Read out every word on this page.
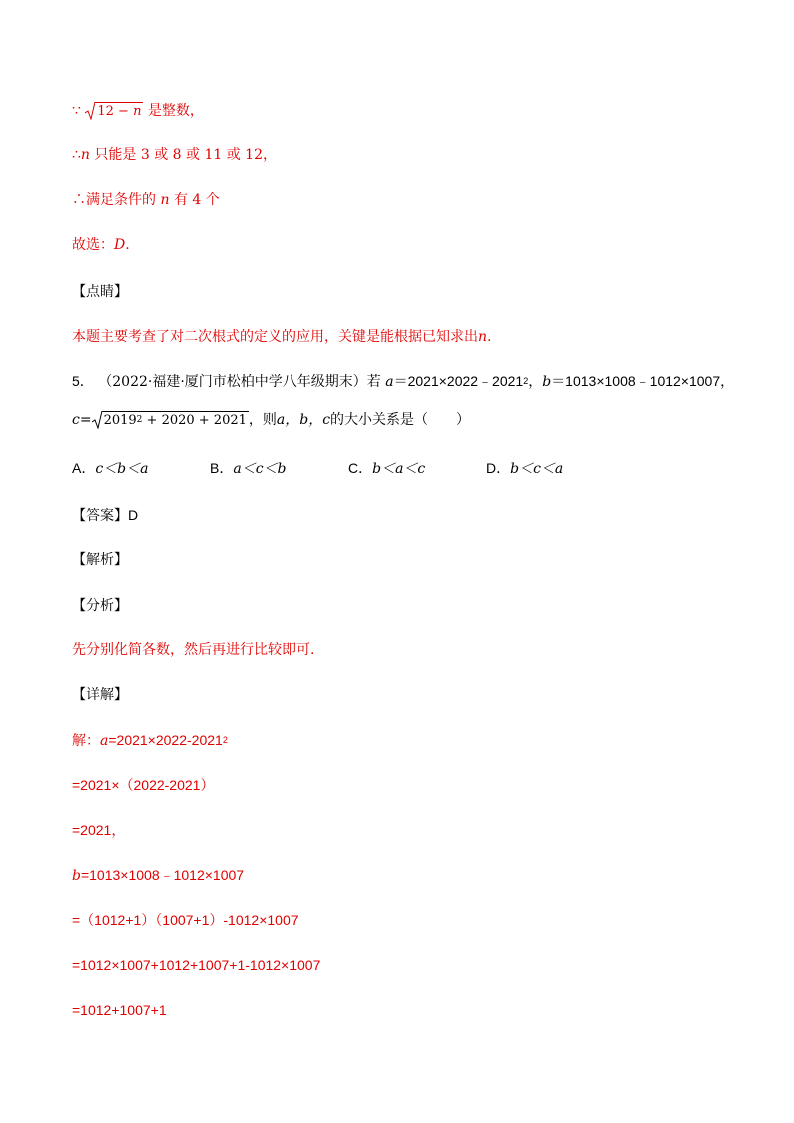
∵ 12 − n 是整数，
∴n 只能是 3 或 8 或 11 或 12，
∴满足条件的 n 有 4 个
故选：D.
【点睛】
本题主要考查了对二次根式的定义的应用，关键是能根据已知求出n.
5． （2022·福建·厦门市松柏中学八年级期末）若 $a=2021\times 2022﹣2021^2$，b＝1013×1008﹣1012×1007，
$c= 2019^2 + 2020 + 2021$ ，则a，b，c的大小关系是（　　）
A．c＜b＜a	B．a＜c＜b	C．b＜a＜c	D．b＜c＜a
【答案】D
【解析】
【分析】
先分别化简各数，然后再进行比较即可.
【详解】
解：$a=2021\times 2022-2021^2$
=2021×（2022-2021）
=2021，
b=1013×1008﹣1012×1007
=（1012+1）（1007+1）-1012×1007
=1012×1007+1012+1007+1-1012×1007
=1012+1007+1
